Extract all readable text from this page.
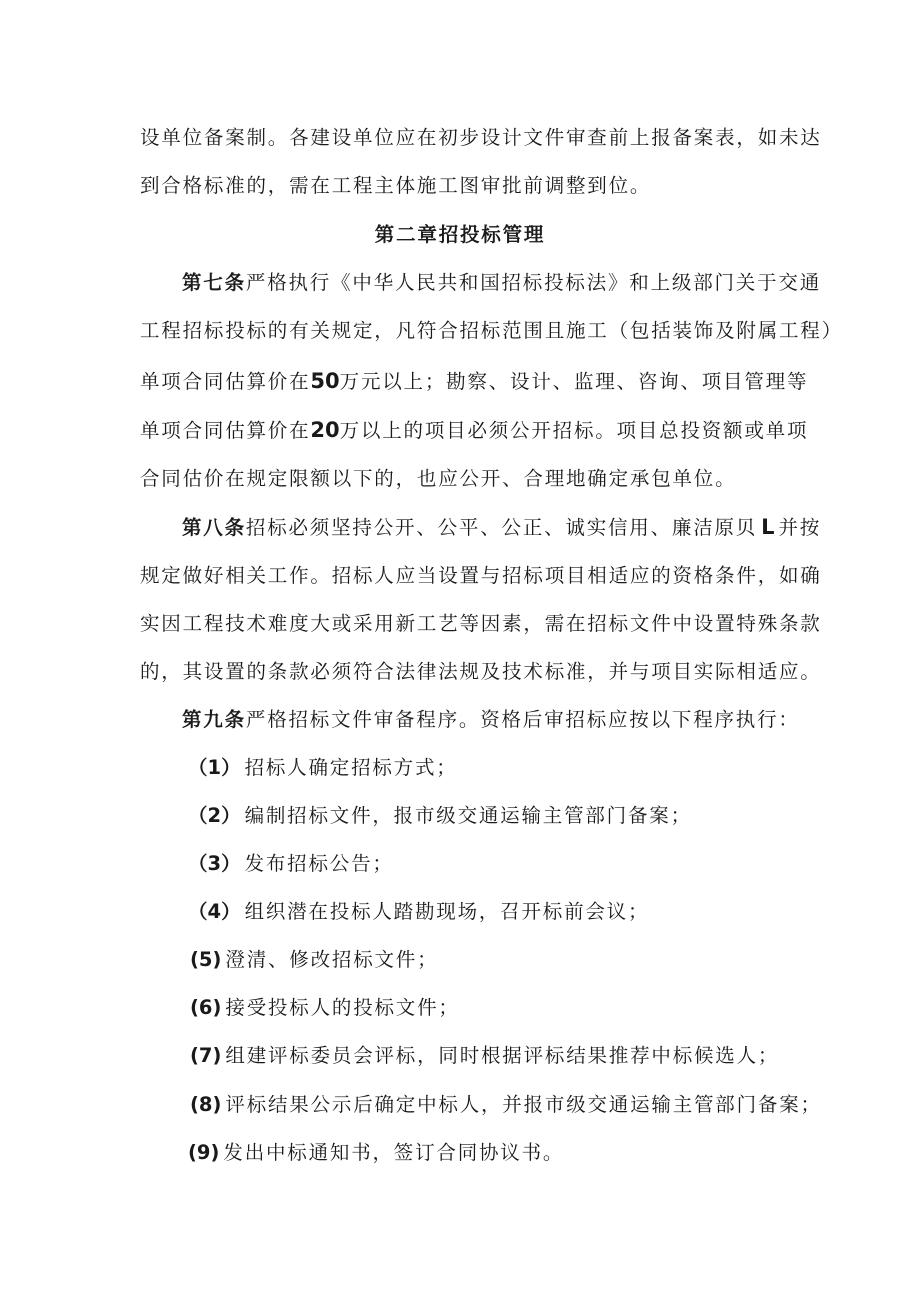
设单位备案制。各建设单位应在初步设计文件审查前上报备案表，如未达
到合格标准的，需在工程主体施工图审批前调整到位。
第二章招投标管理
第七条严格执行《中华人民共和国招标投标法》和上级部门关于交通
工程招标投标的有关规定，凡符合招标范围且施工（包括装饰及附属工程）
单项合同估算价在50万元以上；勘察、设计、监理、咨询、项目管理等
单项合同估算价在20万以上的项目必须公开招标。项目总投资额或单项
合同估价在规定限额以下的，也应公开、合理地确定承包单位。
第八条招标必须坚持公开、公平、公正、诚实信用、廉洁原贝 L 并按
规定做好相关工作。招标人应当设置与招标项目相适应的资格条件，如确
实因工程技术难度大或采用新工艺等因素，需在招标文件中设置特殊条款
的，其设置的条款必须符合法律法规及技术标准，并与项目实际相适应。
第九条严格招标文件审备程序。资格后审招标应按以下程序执行：
（1） 招标人确定招标方式；
（2） 编制招标文件，报市级交通运输主管部门备案；
（3） 发布招标公告；
（4） 组织潜在投标人踏勘现场，召开标前会议；
(5) 澄清、修改招标文件；
(6) 接受投标人的投标文件；
(7) 组建评标委员会评标，同时根据评标结果推荐中标候选人；
(8) 评标结果公示后确定中标人，并报市级交通运输主管部门备案；
(9) 发出中标通知书，签订合同协议书。
